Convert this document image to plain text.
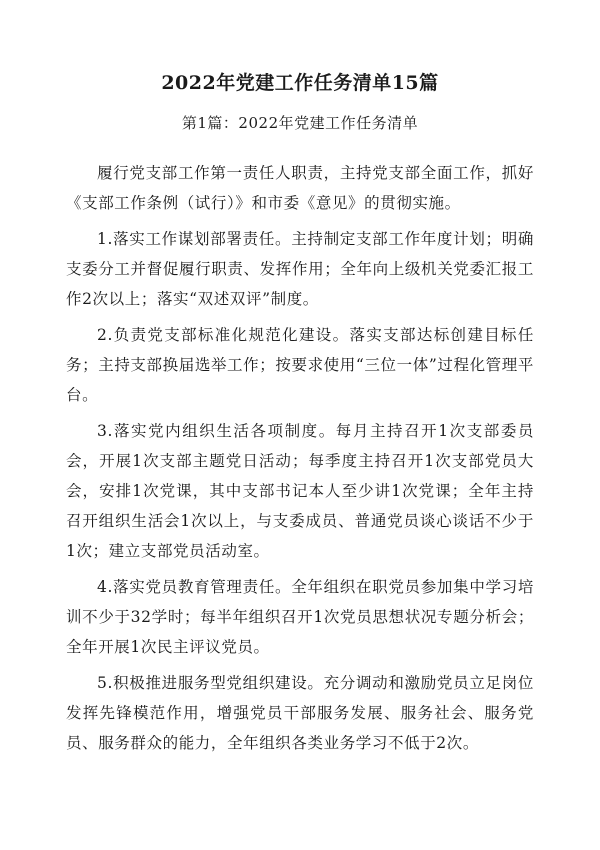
2022年党建工作任务清单15篇
第1篇：2022年党建工作任务清单

履行党支部工作第一责任人职责，主持党支部全面工作，抓好《支部工作条例（试行）》和市委《意见》的贯彻实施。

1.落实工作谋划部署责任。主持制定支部工作年度计划；明确支委分工并督促履行职责、发挥作用；全年向上级机关党委汇报工作2次以上；落实“双述双评”制度。

2.负责党支部标准化规范化建设。落实支部达标创建目标任务；主持支部换届选举工作；按要求使用“三位一体”过程化管理平台。

3.落实党内组织生活各项制度。每月主持召开1次支部委员会，开展1次支部主题党日活动；每季度主持召开1次支部党员大会，安排1次党课，其中支部书记本人至少讲1次党课；全年主持召开组织生活会1次以上，与支委成员、普通党员谈心谈话不少于1次；建立支部党员活动室。

4.落实党员教育管理责任。全年组织在职党员参加集中学习培训不少于32学时；每半年组织召开1次党员思想状况专题分析会；全年开展1次民主评议党员。

5.积极推进服务型党组织建设。充分调动和激励党员立足岗位发挥先锋模范作用，增强党员干部服务发展、服务社会、服务党员、服务群众的能力，全年组织各类业务学习不低于2次。
